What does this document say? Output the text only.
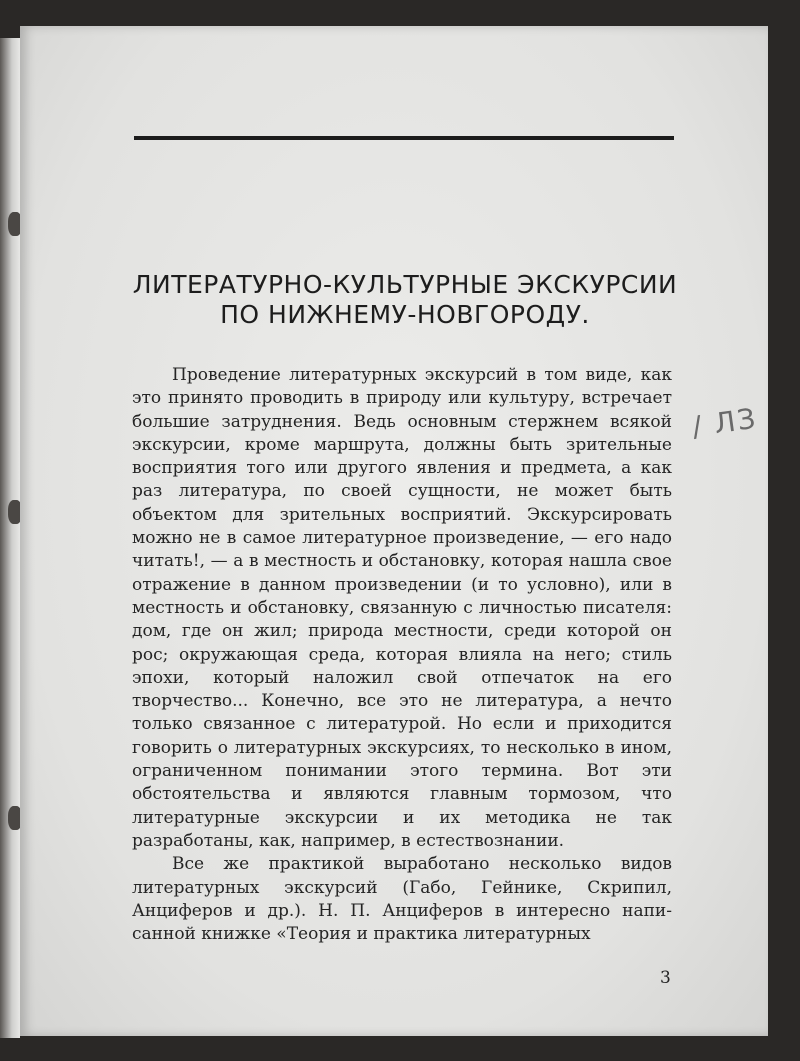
ЛИТЕРАТУРНО-КУЛЬТУРНЫЕ ЭКСКУРСИИ
ПО НИЖНЕМУ-НОВГОРОДУ.

Проведение литературных экскурсий в том виде, как это принято проводить в природу или культуру, встречает большие затруднения. Ведь основным стержнем всякой экскурсии, кроме маршрута, должны быть зрительные восприятия того или другого явления и предмета, а как раз литература, по своей сущности, не может быть объектом для зрительных восприятий. Экскурсировать можно не в самое литературное произведение, — его надо читать!, — а в местность и обстановку, которая нашла свое отражение в данном произведении (и то условно), или в местность и обстановку, связанную с личностью писателя: дом, где он жил; природа местности, среди которой он рос; окружающая среда, которая влияла на него; стиль эпохи, который наложил свой отпечаток на его творчество... Конечно, все это не литература, а нечто только связанное с литературой. Но если и приходится говорить о литературных экскурсиях, то несколько в ином, ограниченном понимании этого термина. Вот эти обстоятельства и являются главным тормозом, что литературные экскурсии и их методика не так разработаны, как, например, в естествознании.

Все же практикой выработано несколько видов литературных экскурсий (Габо, Гейнике, Скрипил, Анциферов и др.). Н. П. Анциферов в интересно написанной книжке «Теория и практика литературных

/ ЛЗ
3
